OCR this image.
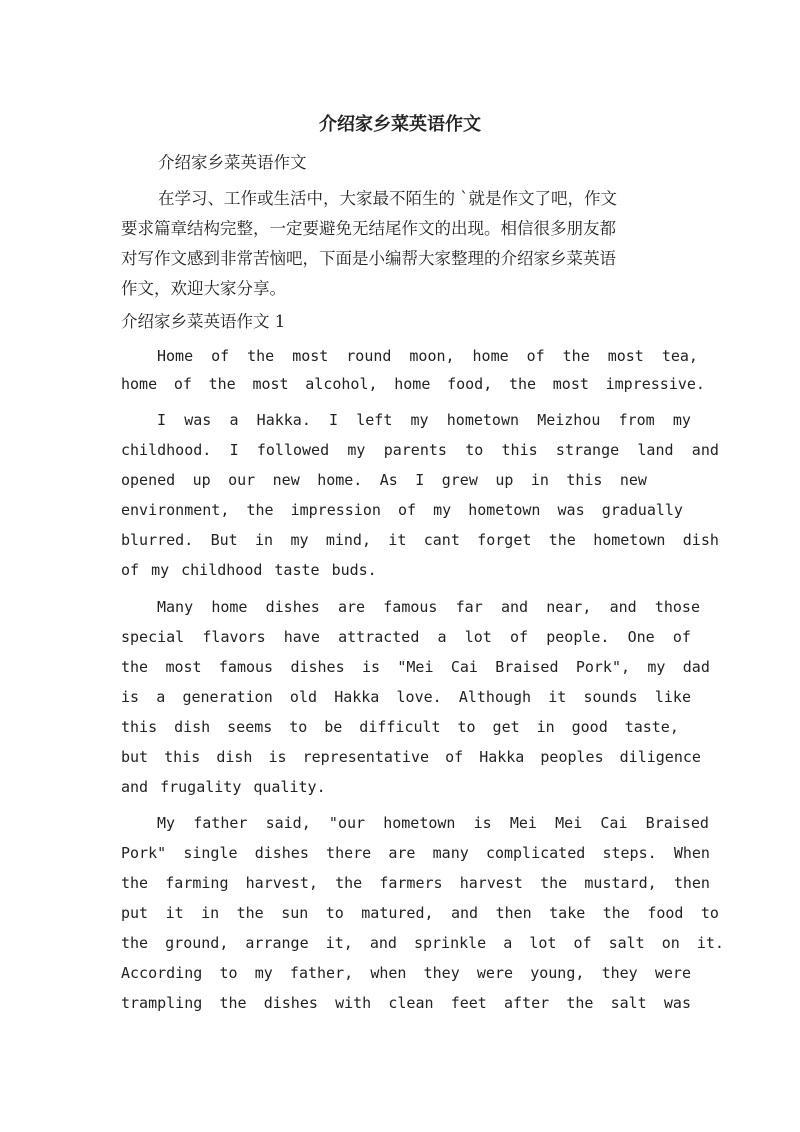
介绍家乡菜英语作文

介绍家乡菜英语作文

在学习、工作或生活中，大家最不陌生的 `就是作文了吧，作文

要求篇章结构完整，一定要避免无结尾作文的出现。相信很多朋友都

对写作文感到非常苦恼吧，下面是小编帮大家整理的介绍家乡菜英语

作文，欢迎大家分享。

介绍家乡菜英语作文 1

Home of the most round moon, home of the most tea,

home of the most alcohol, home food, the most impressive.

I was a Hakka. I left my hometown Meizhou from my

childhood. I followed my parents to this strange land and

opened up our new home. As I grew up in this new

environment, the impression of my hometown was gradually

blurred. But in my mind, it cant forget the hometown dish

of my childhood taste buds.

Many home dishes are famous far and near, and those

special flavors have attracted a lot of people. One of

the most famous dishes is "Mei Cai Braised Pork", my dad

is a generation old Hakka love. Although it sounds like

this dish seems to be difficult to get in good taste,

but this dish is representative of Hakka peoples diligence

and frugality quality.

My father said, "our hometown is Mei Mei Cai Braised

Pork" single dishes there are many complicated steps. When

the farming harvest, the farmers harvest the mustard, then

put it in the sun to matured, and then take the food to

the ground, arrange it, and sprinkle a lot of salt on it.

According to my father, when they were young, they were

trampling the dishes with clean feet after the salt was
